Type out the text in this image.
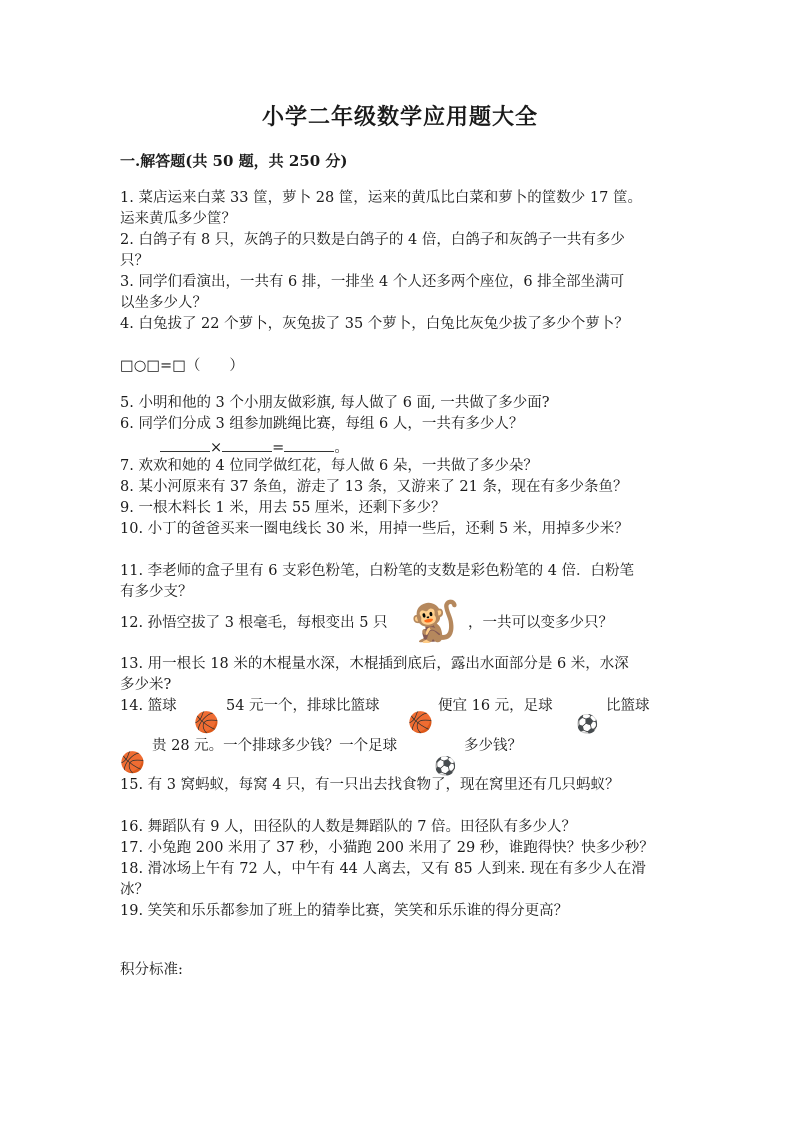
小学二年级数学应用题大全
一.解答题(共 50 题，共 250 分)
1. 菜店运来白菜 33 筐，萝卜 28 筐，运来的黄瓜比白菜和萝卜的筐数少 17 筐。
运来黄瓜多少筐？
2. 白鸽子有 8 只，灰鸽子的只数是白鸽子的 4 倍，白鸽子和灰鸽子一共有多少
只？
3. 同学们看演出，一共有 6 排，一排坐 4 个人还多两个座位，6 排全部坐满可
以坐多少人？
4. 白兔拔了 22 个萝卜，灰兔拔了 35 个萝卜，白兔比灰兔少拔了多少个萝卜？
□○□=□（　　）
5. 小明和他的 3 个小朋友做彩旗, 每人做了 6 面, 一共做了多少面?
6. 同学们分成 3 组参加跳绳比赛，每组 6 人，一共有多少人？
×	=	。
7. 欢欢和她的 4 位同学做红花，每人做 6 朵，一共做了多少朵？
8. 某小河原来有 37 条鱼，游走了 13 条，又游来了 21 条，现在有多少条鱼？
9. 一根木料长 1 米，用去 55 厘米，还剩下多少？
10. 小丁的爸爸买来一圈电线长 30 米，用掉一些后，还剩 5 米，用掉多少米？
11. 李老师的盒子里有 6 支彩色粉笔，白粉笔的支数是彩色粉笔的 4 倍．白粉笔
有多少支？
12. 孙悟空拔了 3 根毫毛，每根变出 5 只 🐒 ，一共可以变多少只？
13. 用一根长 18 米的木棍量水深，木棍插到底后，露出水面部分是 6 米，水深
多少米?
14. 篮球
🏀
54 元一个，排球比篮球
🏀
便宜 16 元，足球
⚽
比篮球
🏀
贵 28 元。一个排球多少钱？一个足球
⚽
多少钱？
15. 有 3 窝蚂蚁，每窝 4 只，有一只出去找食物了，现在窝里还有几只蚂蚁？
16. 舞蹈队有 9 人，田径队的人数是舞蹈队的 7 倍。田径队有多少人？
17. 小兔跑 200 米用了 37 秒，小猫跑 200 米用了 29 秒，谁跑得快？快多少秒？
18. 滑冰场上午有 72 人，中午有 44 人离去，又有 85 人到来. 现在有多少人在滑
冰？
19. 笑笑和乐乐都参加了班上的猜拳比赛，笑笑和乐乐谁的得分更高？
积分标准:
